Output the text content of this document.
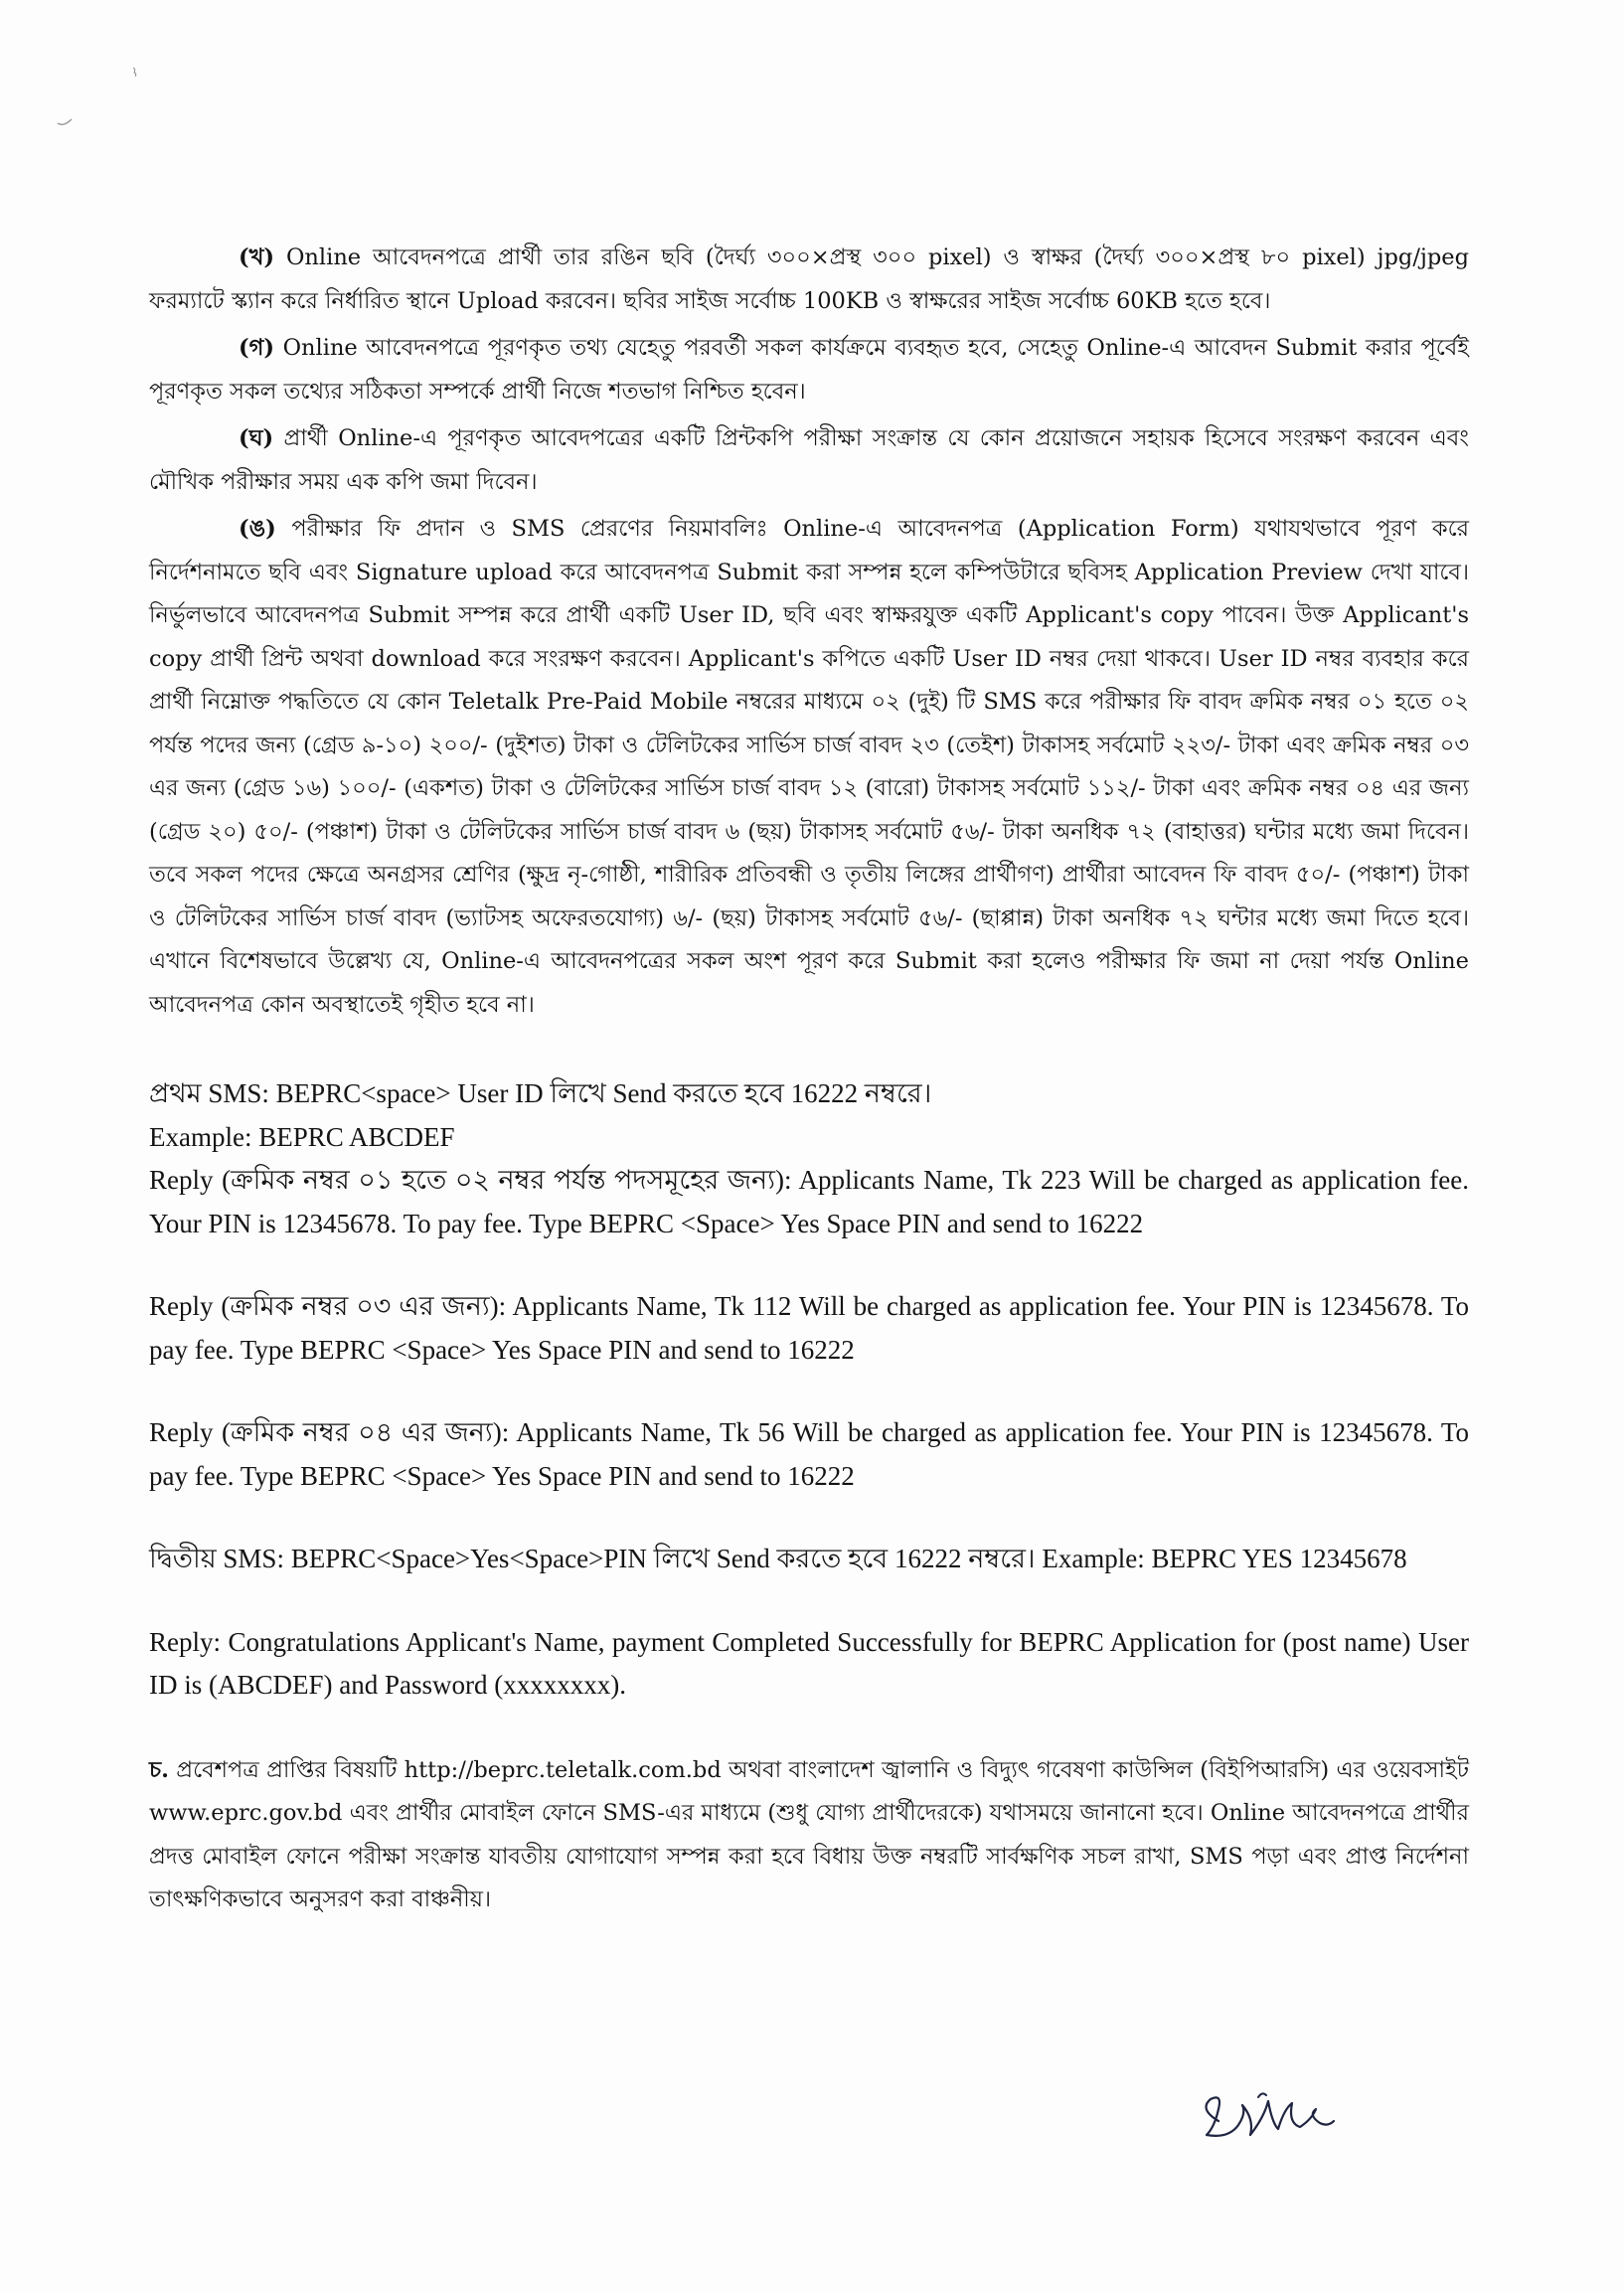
(খ) Online আবেদনপত্রে প্রার্থী তার রঙিন ছবি (দৈর্ঘ্য ৩০০×প্রস্থ ৩০০ pixel) ও স্বাক্ষর (দৈর্ঘ্য ৩০০×প্রস্থ ৮০ pixel) jpg/jpeg ফরম্যাটে স্ক্যান করে নির্ধারিত স্থানে Upload করবেন। ছবির সাইজ সর্বোচ্চ 100KB ও স্বাক্ষরের সাইজ সর্বোচ্চ 60KB হতে হবে।

(গ) Online আবেদনপত্রে পূরণকৃত তথ্য যেহেতু পরবর্তী সকল কার্যক্রমে ব্যবহৃত হবে, সেহেতু Online-এ আবেদন Submit করার পূর্বেই পূরণকৃত সকল তথ্যের সঠিকতা সম্পর্কে প্রার্থী নিজে শতভাগ নিশ্চিত হবেন।

(ঘ) প্রার্থী Online-এ পূরণকৃত আবেদপত্রের একটি প্রিন্টকপি পরীক্ষা সংক্রান্ত যে কোন প্রয়োজনে সহায়ক হিসেবে সংরক্ষণ করবেন এবং মৌখিক পরীক্ষার সময় এক কপি জমা দিবেন।

(ঙ) পরীক্ষার ফি প্রদান ও SMS প্রেরণের নিয়মাবলিঃ Online-এ আবেদনপত্র (Application Form) যথাযথভাবে পূরণ করে নির্দেশনামতে ছবি এবং Signature upload করে আবেদনপত্র Submit করা সম্পন্ন হলে কম্পিউটারে ছবিসহ Application Preview দেখা যাবে। নির্ভুলভাবে আবেদনপত্র Submit সম্পন্ন করে প্রার্থী একটি User ID, ছবি এবং স্বাক্ষরযুক্ত একটি Applicant's copy পাবেন। উক্ত Applicant's copy প্রার্থী প্রিন্ট অথবা download করে সংরক্ষণ করবেন। Applicant's কপিতে একটি User ID নম্বর দেয়া থাকবে। User ID নম্বর ব্যবহার করে প্রার্থী নিম্নোক্ত পদ্ধতিতে যে কোন Teletalk Pre-Paid Mobile নম্বরের মাধ্যমে ০২ (দুই) টি SMS করে পরীক্ষার ফি বাবদ ক্রমিক নম্বর ০১ হতে ০২ পর্যন্ত পদের জন্য (গ্রেড ৯-১০) ২০০/- (দুইশত) টাকা ও টেলিটকের সার্ভিস চার্জ বাবদ ২৩ (তেইশ) টাকাসহ সর্বমোট ২২৩/- টাকা এবং ক্রমিক নম্বর ০৩ এর জন্য (গ্রেড ১৬) ১০০/- (একশত) টাকা ও টেলিটকের সার্ভিস চার্জ বাবদ ১২ (বারো) টাকাসহ সর্বমোট ১১২/- টাকা এবং ক্রমিক নম্বর ০৪ এর জন্য (গ্রেড ২০) ৫০/- (পঞ্চাশ) টাকা ও টেলিটকের সার্ভিস চার্জ বাবদ ৬ (ছয়) টাকাসহ সর্বমোট ৫৬/- টাকা অনধিক ৭২ (বাহাত্তর) ঘন্টার মধ্যে জমা দিবেন। তবে সকল পদের ক্ষেত্রে অনগ্রসর শ্রেণির (ক্ষুদ্র নৃ-গোষ্ঠী, শারীরিক প্রতিবন্ধী ও তৃতীয় লিঙ্গের প্রার্থীগণ) প্রার্থীরা আবেদন ফি বাবদ ৫০/- (পঞ্চাশ) টাকা ও টেলিটকের সার্ভিস চার্জ বাবদ (ভ্যাটসহ অফেরতযোগ্য) ৬/- (ছয়) টাকাসহ সর্বমোট ৫৬/- (ছাপ্পান্ন) টাকা অনধিক ৭২ ঘন্টার মধ্যে জমা দিতে হবে। এখানে বিশেষভাবে উল্লেখ্য যে, Online-এ আবেদনপত্রের সকল অংশ পূরণ করে Submit করা হলেও পরীক্ষার ফি জমা না দেয়া পর্যন্ত Online আবেদনপত্র কোন অবস্থাতেই গৃহীত হবে না।

প্রথম SMS: BEPRC<space> User ID লিখে Send করতে হবে 16222 নম্বরে।

Example: BEPRC ABCDEF

Reply (ক্রমিক নম্বর ০১ হতে ০২ নম্বর পর্যন্ত পদসমূহের জন্য): Applicants Name, Tk 223 Will be charged as application fee. Your PIN is 12345678. To pay fee. Type BEPRC <Space> Yes Space PIN and send to 16222

Reply (ক্রমিক নম্বর ০৩ এর জন্য): Applicants Name, Tk 112 Will be charged as application fee. Your PIN is 12345678. To pay fee. Type BEPRC <Space> Yes Space PIN and send to 16222

Reply (ক্রমিক নম্বর ০৪ এর জন্য): Applicants Name, Tk 56 Will be charged as application fee. Your PIN is 12345678. To pay fee. Type BEPRC <Space> Yes Space PIN and send to 16222

দ্বিতীয় SMS: BEPRC<Space>Yes<Space>PIN লিখে Send করতে হবে 16222 নম্বরে। Example: BEPRC YES 12345678

Reply: Congratulations Applicant's Name, payment Completed Successfully for BEPRC Application for (post name) User ID is (ABCDEF) and Password (xxxxxxxx).

চ. প্রবেশপত্র প্রাপ্তির বিষয়টি http://beprc.teletalk.com.bd অথবা বাংলাদেশ জ্বালানি ও বিদ্যুৎ গবেষণা কাউন্সিল (বিইপিআরসি) এর ওয়েবসাইট www.eprc.gov.bd এবং প্রার্থীর মোবাইল ফোনে SMS-এর মাধ্যমে (শুধু যোগ্য প্রার্থীদেরকে) যথাসময়ে জানানো হবে। Online আবেদনপত্রে প্রার্থীর প্রদত্ত মোবাইল ফোনে পরীক্ষা সংক্রান্ত যাবতীয় যোগাযোগ সম্পন্ন করা হবে বিধায় উক্ত নম্বরটি সার্বক্ষণিক সচল রাখা, SMS পড়া এবং প্রাপ্ত নির্দেশনা তাৎক্ষণিকভাবে অনুসরণ করা বাঞ্চনীয়।
